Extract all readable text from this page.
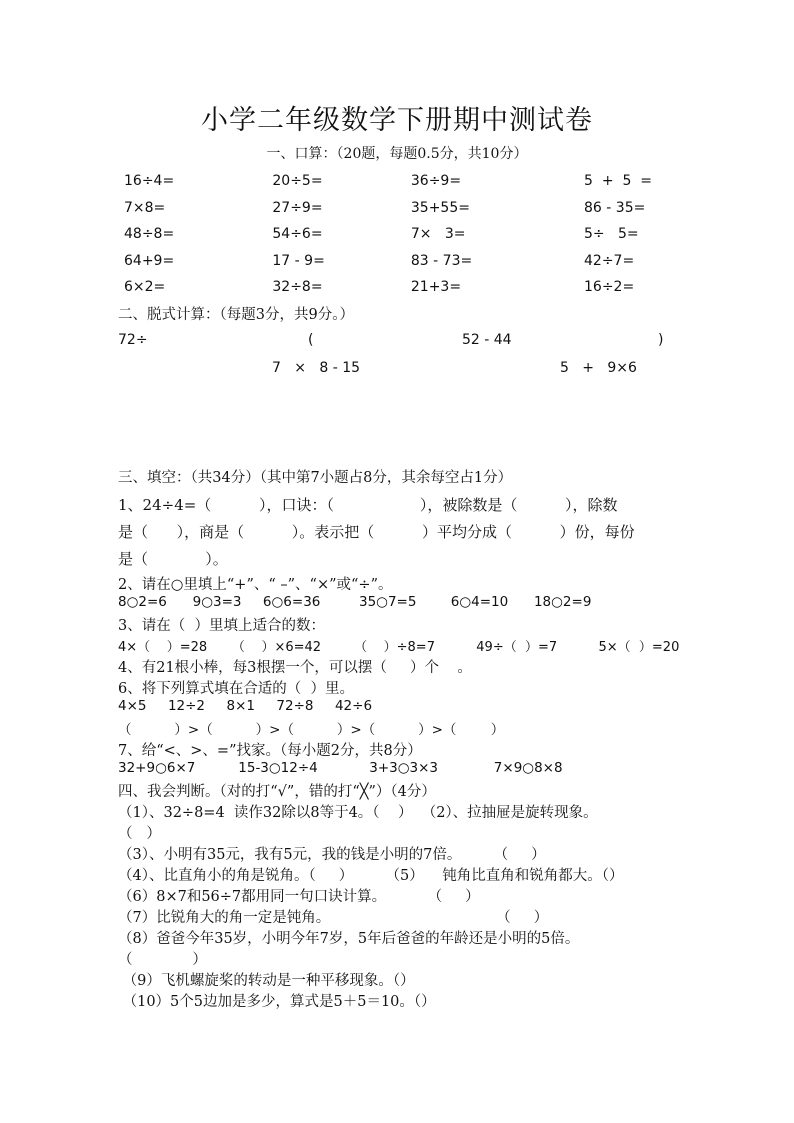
小学二年级数学下册期中测试卷
一、口算：（20题，每题0.5分，共10分）
16÷4=	20÷5=	36÷9=	5  +  5  =
7×8=	27÷9=	35+55=	86 - 35=
48÷8=	54÷6=	7×   3=	5÷   5=
64+9=	17 - 9=	83 - 73=	42÷7=
6×2=	32÷8=	21+3=	16÷2=
二、脱式计算：（每题3分，共9分。）
72÷	(	52 - 44	)
7   ×   8 - 15	5   +   9×6
三、填空：（共34分）（其中第7小题占8分，其余每空占1分）
1、24÷4=（          ），口诀：（                  ），被除数是（          ），除数
是（      ），商是（          ）。表示把（          ）平均分成（          ）份，每份
是（            ）。
2、请在○里填上“+”、“ –”、“×”或“÷”。
8○2=6      9○3=3     6○6=36         35○7=5        6○4=10      18○2=9
3、请在（  ）里填上适合的数：
4×（    ）=28      （    ）×6=42        （    ）÷8=7          49÷（  ）=7          5×（  ）=20
4、有21根小棒，每3根摆一个，可以摆（     ）个    。
6、将下列算式填在合适的（  ）里。
4×5     12÷2     8×1     72÷8     42÷6
（          ）>（          ）>（          ）>（          ）>（        ）
7、给“<、>、=”找家。（每小题2分，共8分）
32+9○6×7          15-3○12÷4            3+3○3×3             7×9○8×8
四、我会判断。（对的打“√”，错的打“╳”）（4分）
（1）、32÷8=4  读作32除以8等于4。（    ）  （2）、拉抽屉是旋转现象。
（   ）
（3）、小明有35元，我有5元，我的钱是小明的7倍。       （     ）
（4）、比直角小的角是锐角。（     ）       （5）    钝角比直角和锐角都大。（）
（6）8×7和56÷7都用同一句口诀计算。         （     ）
（7）比锐角大的角一定是钝角。                                    （     ）
（8）爸爸今年35岁，小明今年7岁，5年后爸爸的年龄还是小明的5倍。
（             ）
（9）飞机螺旋桨的转动是一种平移现象。（）
（10）5个5边加是多少，算式是5＋5＝10。（）
